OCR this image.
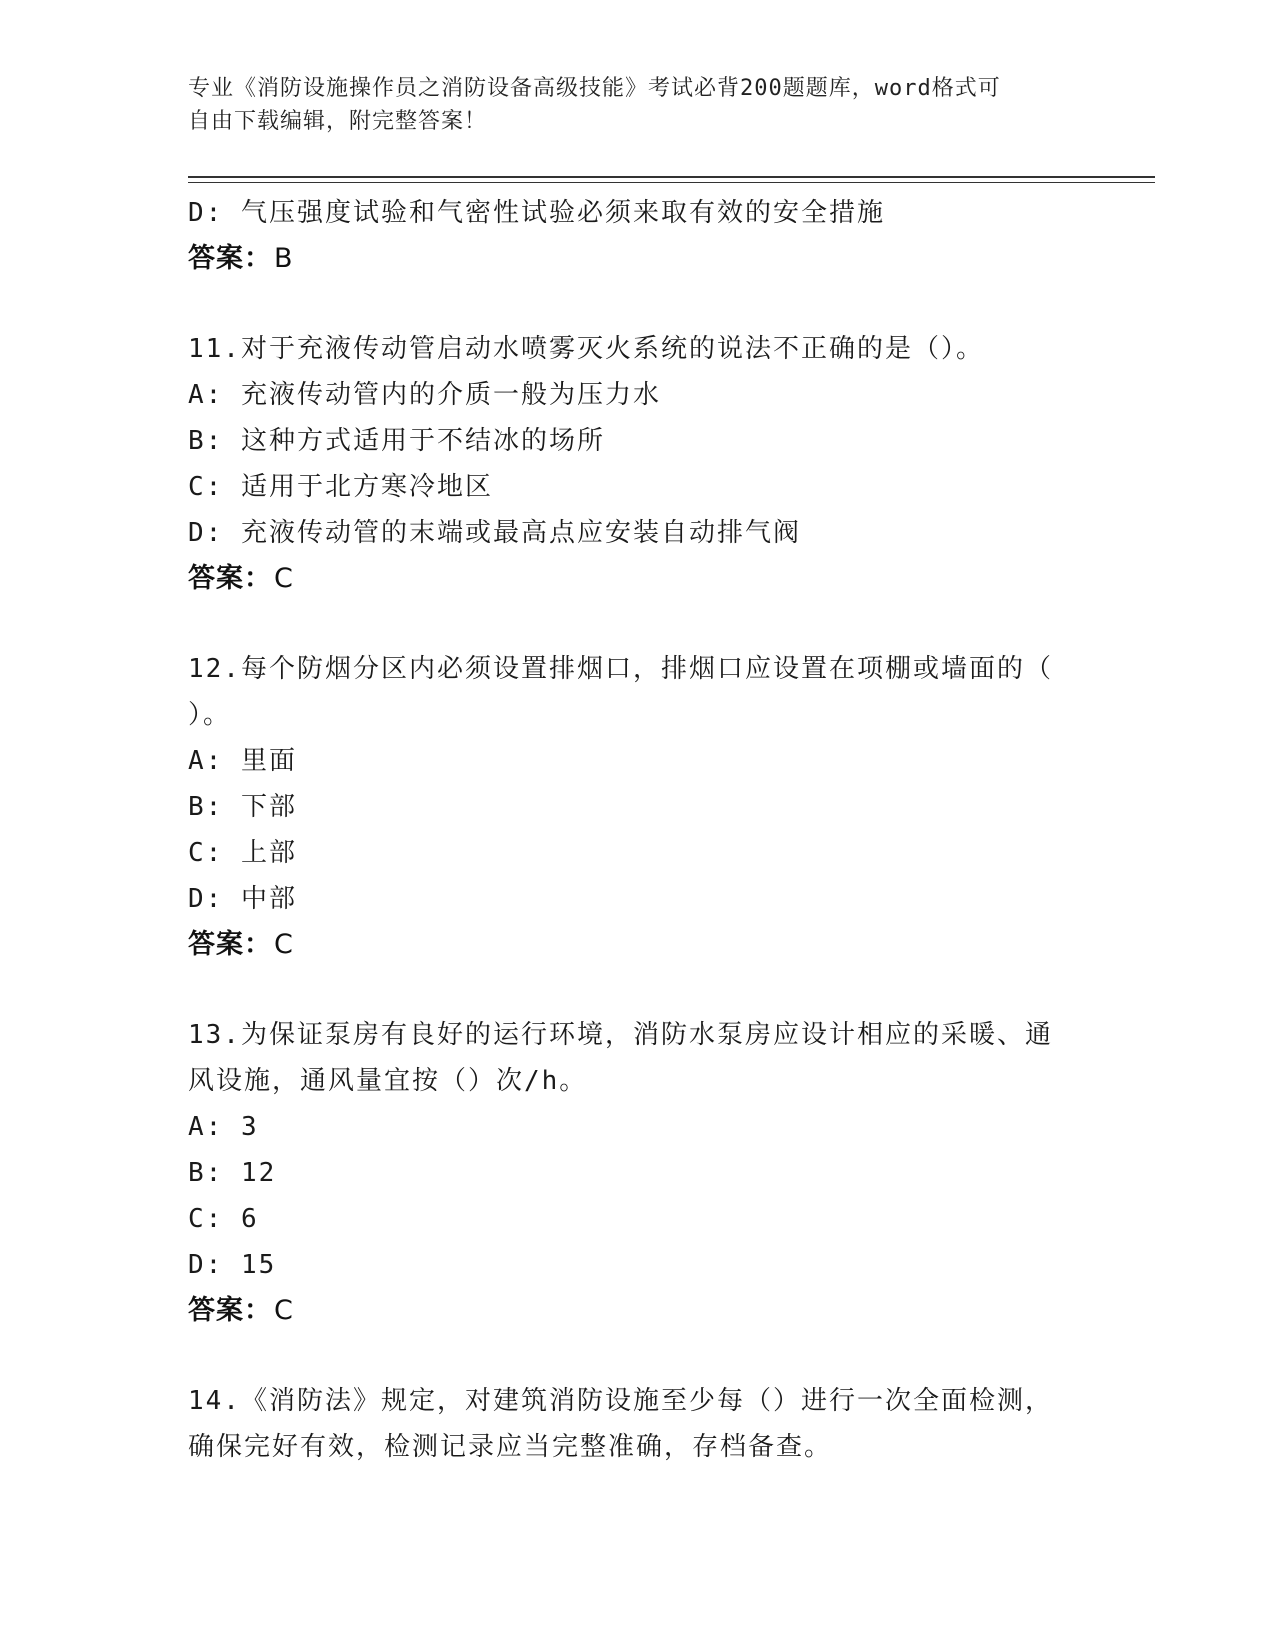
专业《消防设施操作员之消防设备高级技能》考试必背200题题库，word格式可
自由下载编辑，附完整答案！
D: 气压强度试验和气密性试验必须来取有效的安全措施
答案：B
11.对于充液传动管启动水喷雾灭火系统的说法不正确的是（）。
A: 充液传动管内的介质一般为压力水
B: 这种方式适用于不结冰的场所
C: 适用于北方寒冷地区
D: 充液传动管的末端或最高点应安装自动排气阀
答案：C
12.每个防烟分区内必须设置排烟口，排烟口应设置在项棚或墙面的（
）。
A: 里面
B: 下部
C: 上部
D: 中部
答案：C
13.为保证泵房有良好的运行环境，消防水泵房应设计相应的采暖、通
风设施，通风量宜按（）次/h。
A: 3
B: 12
C: 6
D: 15
答案：C
14.《消防法》规定，对建筑消防设施至少每（）进行一次全面检测，
确保完好有效，检测记录应当完整准确，存档备查。
